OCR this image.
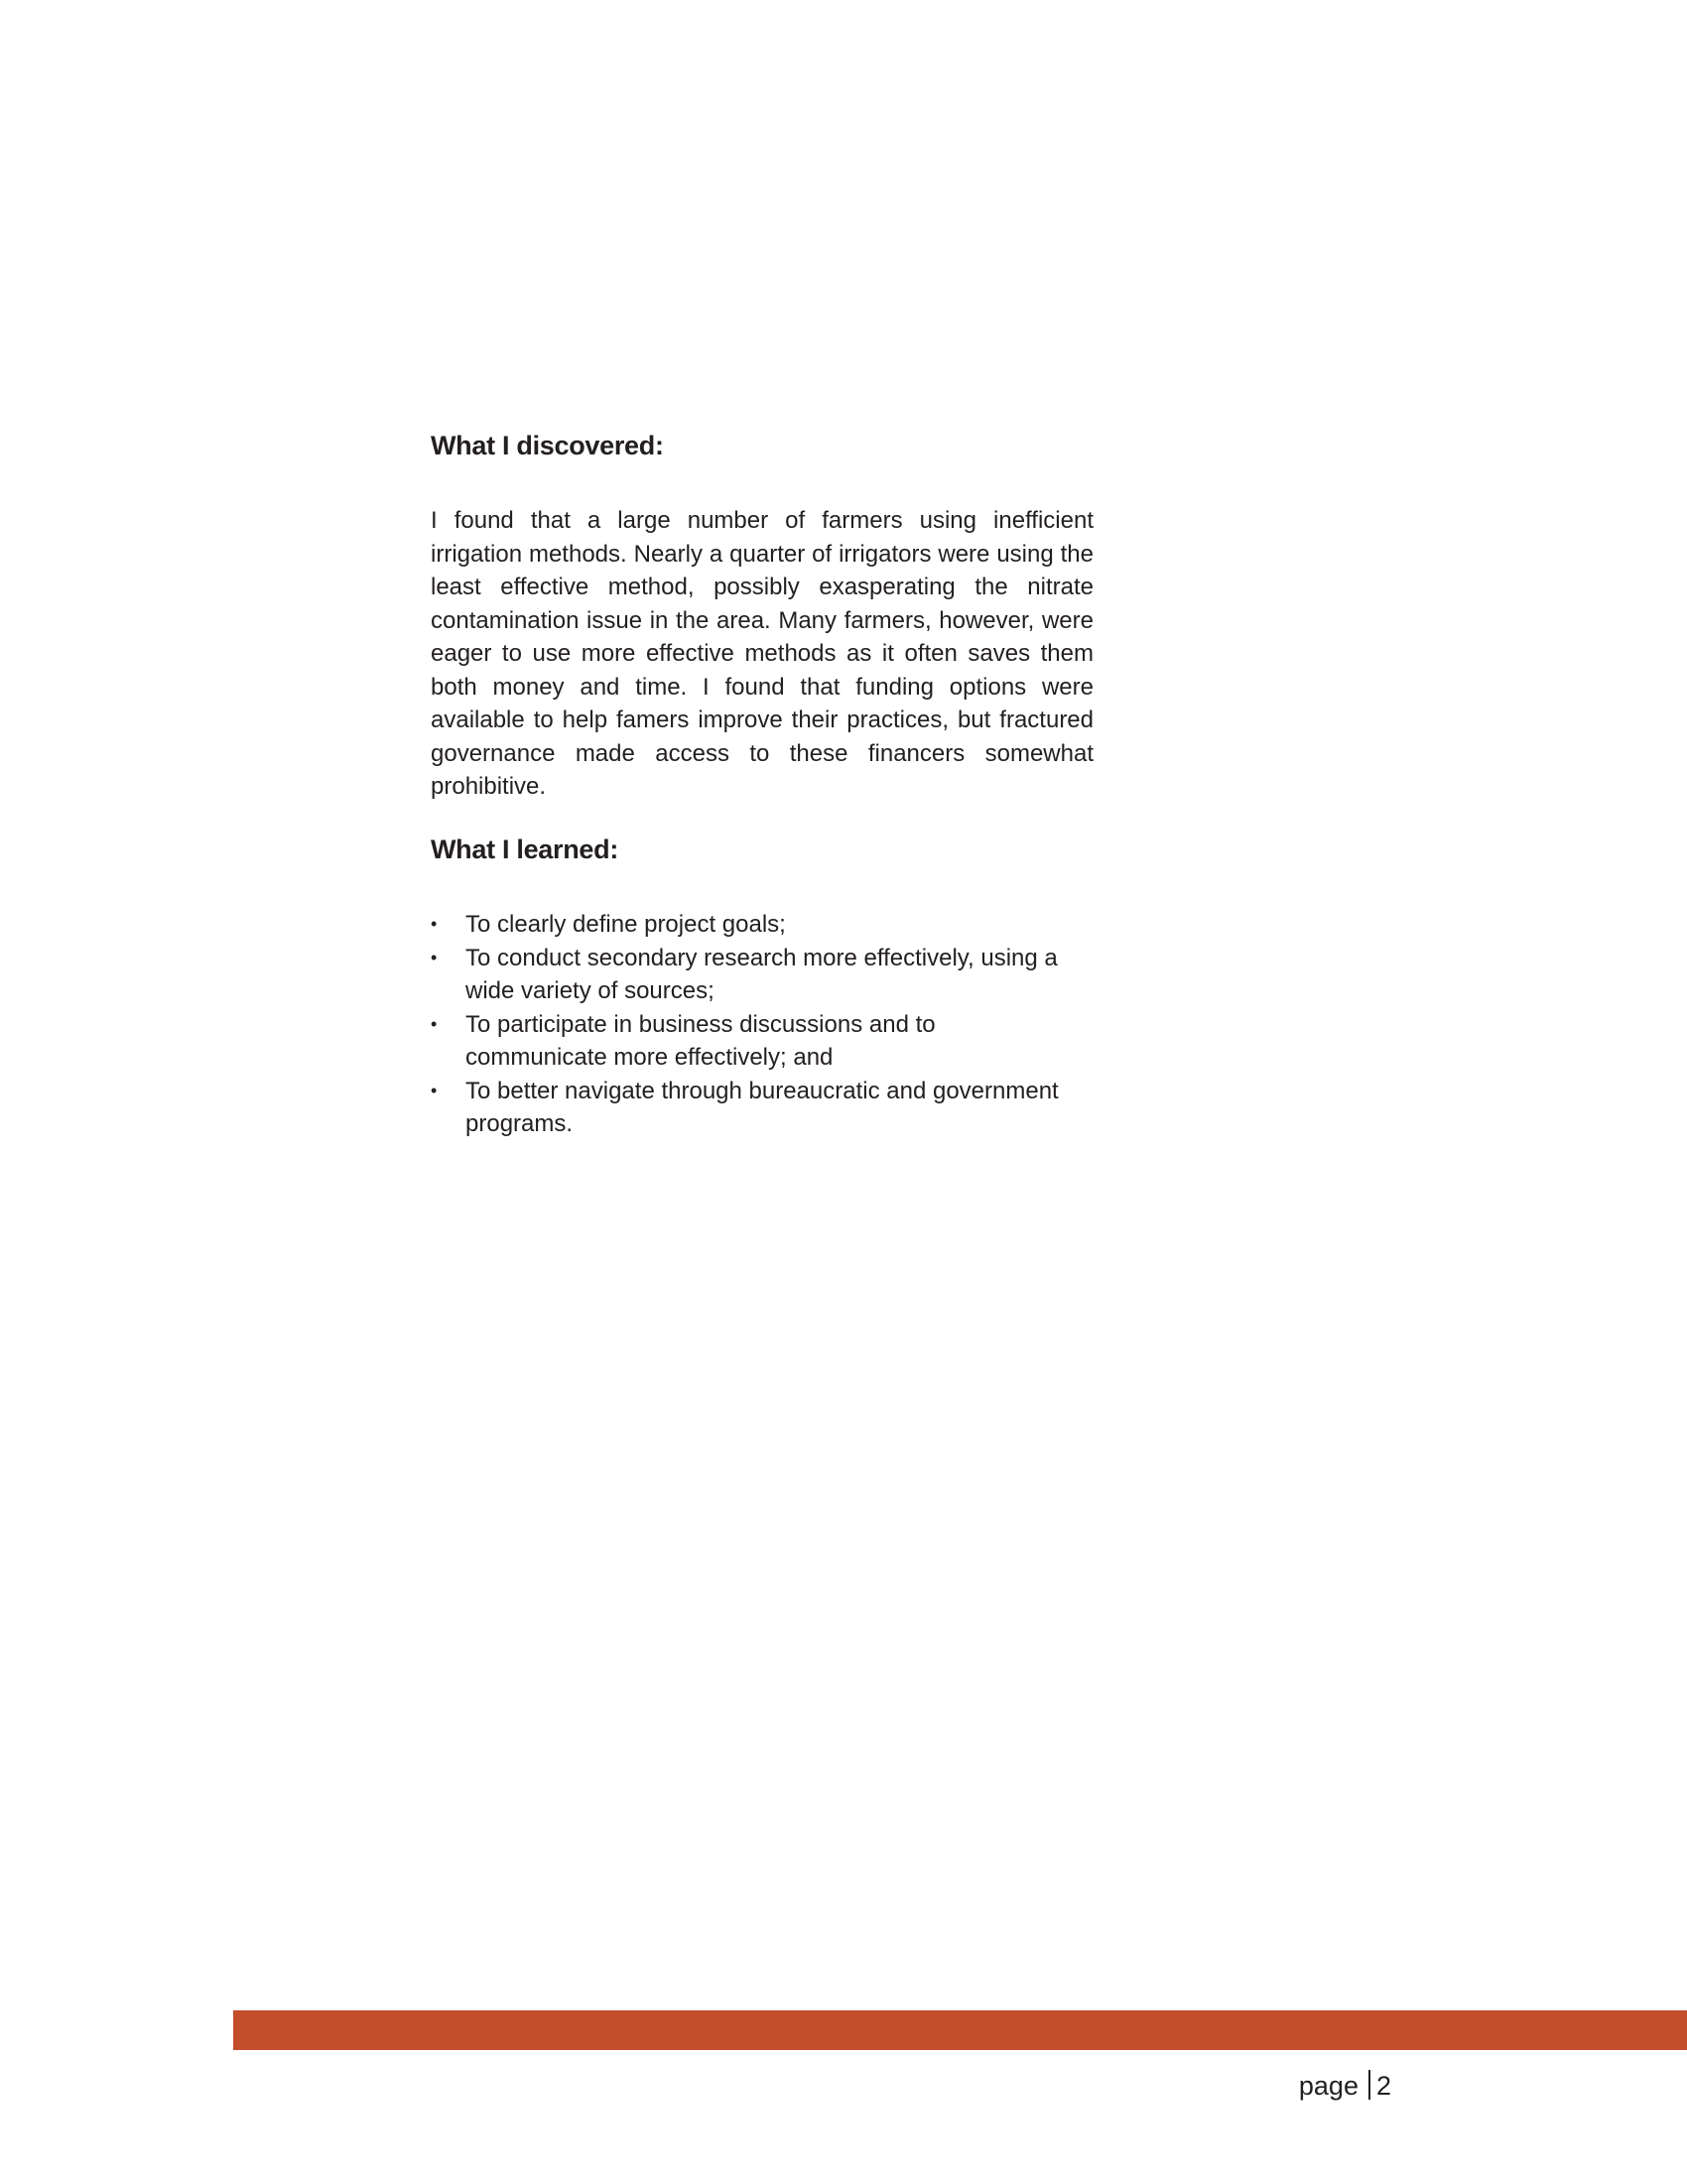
What I discovered:

I found that a large number of farmers using inefficient irrigation methods. Nearly a quarter of irrigators were using the least effective method, possibly exasperating the nitrate contamination issue in the area. Many farmers, however, were eager to use more effective methods as it often saves them both money and time. I found that funding options were available to help famers improve their practices, but fractured governance made access to these financers somewhat prohibitive.

What I learned:
• To clearly define project goals;
• To conduct secondary research more effectively, using a wide variety of sources;
• To participate in business discussions and to communicate more effectively; and
• To better navigate through bureaucratic and government programs.
page 2
